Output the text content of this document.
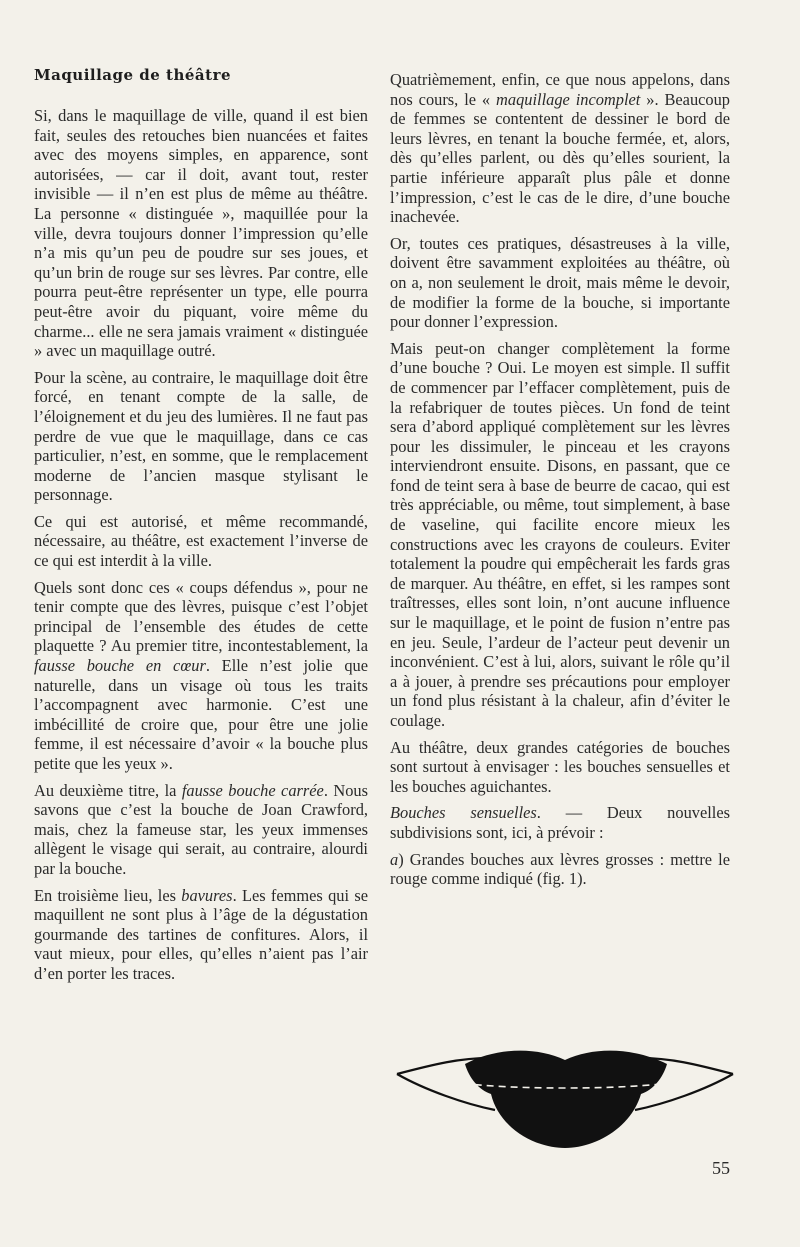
Maquillage de théâtre

Si, dans le maquillage de ville, quand il est bien fait, seules des retouches bien nuancées et faites avec des moyens simples, en apparence, sont autorisées, — car il doit, avant tout, rester invisible — il n’en est plus de même au théâtre. La personne « distinguée », maquillée pour la ville, devra toujours donner l’impression qu’elle n’a mis qu’un peu de poudre sur ses joues, et qu’un brin de rouge sur ses lèvres. Par contre, elle pourra peut-être représenter un type, elle pourra peut-être avoir du piquant, voire même du charme... elle ne sera jamais vraiment « distinguée » avec un maquillage outré.

Pour la scène, au contraire, le maquillage doit être forcé, en tenant compte de la salle, de l’éloignement et du jeu des lumières. Il ne faut pas perdre de vue que le maquillage, dans ce cas particulier, n’est, en somme, que le remplacement moderne de l’ancien masque stylisant le personnage.

Ce qui est autorisé, et même recommandé, nécessaire, au théâtre, est exactement l’inverse de ce qui est interdit à la ville.

Quels sont donc ces « coups défendus », pour ne tenir compte que des lèvres, puisque c’est l’objet principal de l’ensemble des études de cette plaquette ? Au premier titre, incontestablement, la fausse bouche en cœur. Elle n’est jolie que naturelle, dans un visage où tous les traits l’accompagnent avec harmonie. C’est une imbécillité de croire que, pour être une jolie femme, il est nécessaire d’avoir « la bouche plus petite que les yeux ».

Au deuxième titre, la fausse bouche carrée. Nous savons que c’est la bouche de Joan Crawford, mais, chez la fameuse star, les yeux immenses allègent le visage qui serait, au contraire, alourdi par la bouche.

En troisième lieu, les bavures. Les femmes qui se maquillent ne sont plus à l’âge de la dégustation gourmande des tartines de confitures. Alors, il vaut mieux, pour elles, qu’elles n’aient pas l’air d’en porter les traces.

Quatrièmement, enfin, ce que nous appelons, dans nos cours, le « maquillage incomplet ». Beaucoup de femmes se contentent de dessiner le bord de leurs lèvres, en tenant la bouche fermée, et, alors, dès qu’elles parlent, ou dès qu’elles sourient, la partie inférieure apparaît plus pâle et donne l’impression, c’est le cas de le dire, d’une bouche inachevée.

Or, toutes ces pratiques, désastreuses à la ville, doivent être savamment exploitées au théâtre, où on a, non seulement le droit, mais même le devoir, de modifier la forme de la bouche, si importante pour donner l’expression.

Mais peut-on changer complètement la forme d’une bouche ? Oui. Le moyen est simple. Il suffit de commencer par l’effacer complètement, puis de la refabriquer de toutes pièces. Un fond de teint sera d’abord appliqué complètement sur les lèvres pour les dissimuler, le pinceau et les crayons interviendront ensuite. Disons, en passant, que ce fond de teint sera à base de beurre de cacao, qui est très appréciable, ou même, tout simplement, à base de vaseline, qui facilite encore mieux les constructions avec les crayons de couleurs. Eviter totalement la poudre qui empêcherait les fards gras de marquer. Au théâtre, en effet, si les rampes sont traîtresses, elles sont loin, n’ont aucune influence sur le maquillage, et le point de fusion n’entre pas en jeu. Seule, l’ardeur de l’acteur peut devenir un inconvénient. C’est à lui, alors, suivant le rôle qu’il a à jouer, à prendre ses précautions pour employer un fond plus résistant à la chaleur, afin d’éviter le coulage.

Au théâtre, deux grandes catégories de bouches sont surtout à envisager : les bouches sensuelles et les bouches aguichantes.

Bouches sensuelles. — Deux nouvelles subdivisions sont, ici, à prévoir :

a) Grandes bouches aux lèvres grosses : mettre le rouge comme indiqué (fig. 1).

55
